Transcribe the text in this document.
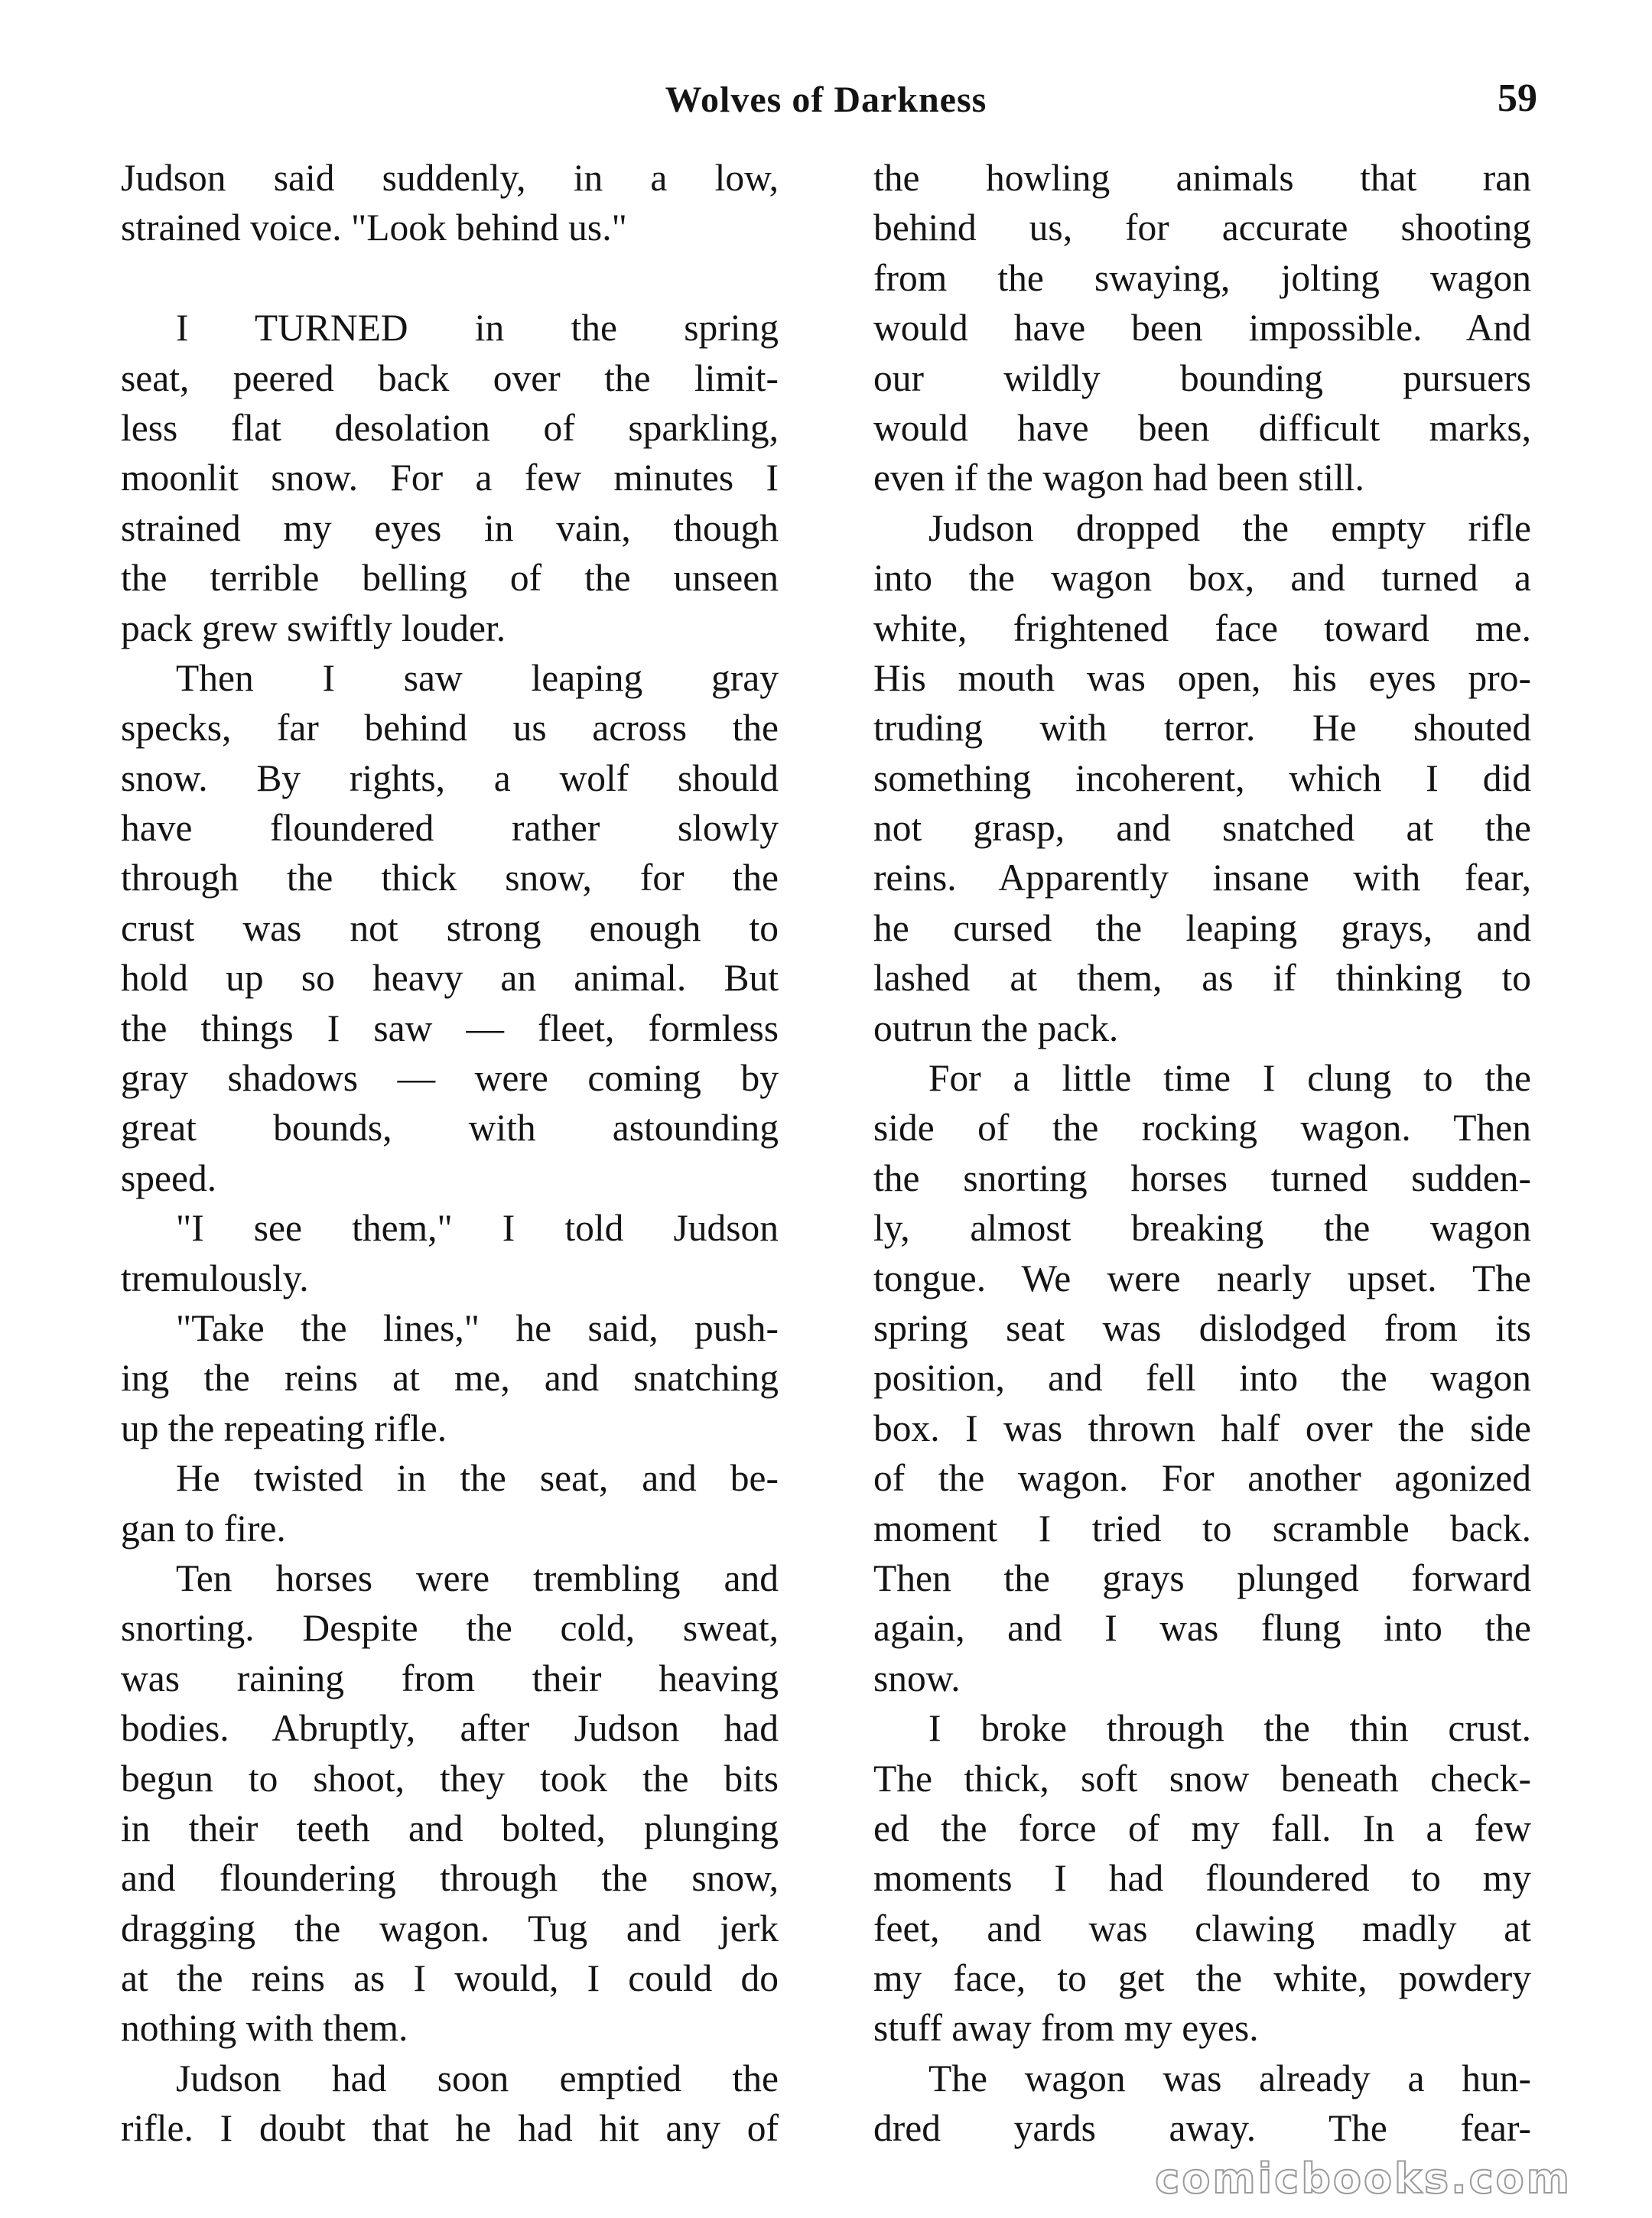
Wolves of Darkness	59
Judson said suddenly, in a low,
strained voice. "Look behind us."

I TURNED in the spring
seat, peered back over the limit-
less flat desolation of sparkling,
moonlit snow. For a few minutes I
strained my eyes in vain, though
the terrible belling of the unseen
pack grew swiftly louder.
Then I saw leaping gray
specks, far behind us across the
snow. By rights, a wolf should
have floundered rather slowly
through the thick snow, for the
crust was not strong enough to
hold up so heavy an animal. But
the things I saw — fleet, formless
gray shadows — were coming by
great bounds, with astounding
speed.
"I see them," I told Judson
tremulously.
"Take the lines," he said, push-
ing the reins at me, and snatching
up the repeating rifle.
He twisted in the seat, and be-
gan to fire.
Ten horses were trembling and
snorting. Despite the cold, sweat,
was raining from their heaving
bodies. Abruptly, after Judson had
begun to shoot, they took the bits
in their teeth and bolted, plunging
and floundering through the snow,
dragging the wagon. Tug and jerk
at the reins as I would, I could do
nothing with them.
Judson had soon emptied the
rifle. I doubt that he had hit any of
the howling animals that ran
behind us, for accurate shooting
from the swaying, jolting wagon
would have been impossible. And
our wildly bounding pursuers
would have been difficult marks,
even if the wagon had been still.
Judson dropped the empty rifle
into the wagon box, and turned a
white, frightened face toward me.
His mouth was open, his eyes pro-
truding with terror. He shouted
something incoherent, which I did
not grasp, and snatched at the
reins. Apparently insane with fear,
he cursed the leaping grays, and
lashed at them, as if thinking to
outrun the pack.
For a little time I clung to the
side of the rocking wagon. Then
the snorting horses turned sudden-
ly, almost breaking the wagon
tongue. We were nearly upset. The
spring seat was dislodged from its
position, and fell into the wagon
box. I was thrown half over the side
of the wagon. For another agonized
moment I tried to scramble back.
Then the grays plunged forward
again, and I was flung into the
snow.
I broke through the thin crust.
The thick, soft snow beneath check-
ed the force of my fall. In a few
moments I had floundered to my
feet, and was clawing madly at
my face, to get the white, powdery
stuff away from my eyes.
The wagon was already a hun-
dred yards away. The fear-
comicbooks.com
